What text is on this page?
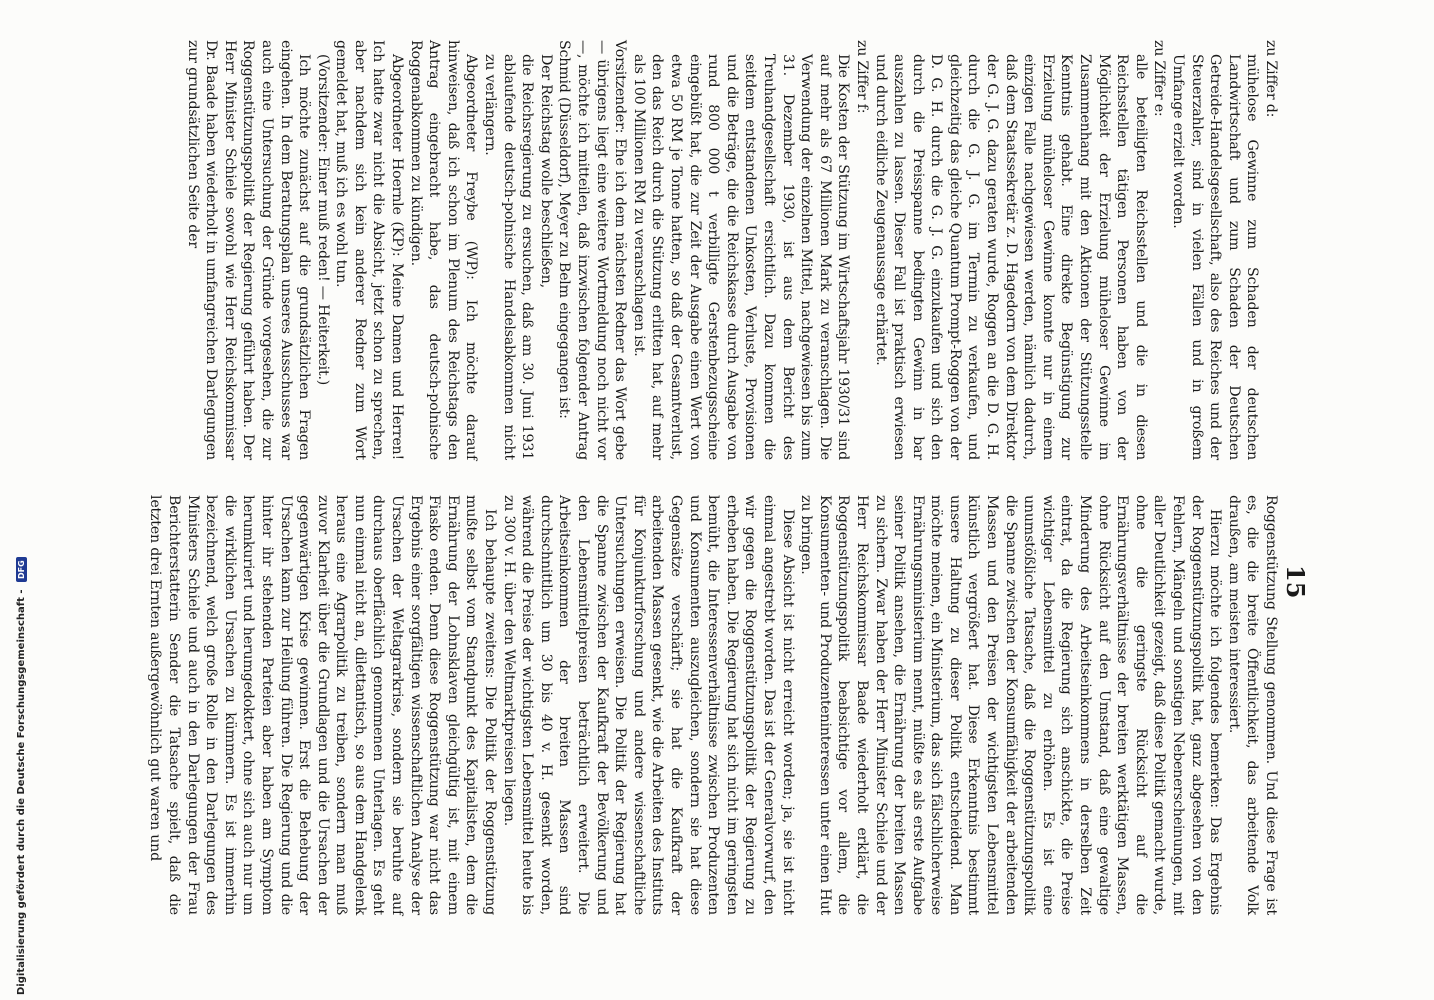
15

zu Ziffer d:

mühelose Gewinne zum Schaden der deutschen Landwirtschaft und zum Schaden der Deutschen Getreide-Handelsgesellschaft, also des Reiches und der Steuerzahler, sind in vielen Fällen und in großem Umfange erzielt worden.

zu Ziffer e:

alle beteiligten Reichsstellen und die in diesen Reichsstellen tätigen Personen haben von der Möglichkeit der Erzielung müheloser Gewinne im Zusammenhang mit den Aktionen der Stützungsstelle Kenntnis gehabt. Eine direkte Begünstigung zur Erzielung müheloser Gewinne konnte nur in einem einzigen Falle nachgewiesen werden, nämlich dadurch, daß dem Staatssekretär z. D. Hagedorn von dem Direktor der G. J. G. dazu geraten wurde, Roggen an die D. G. H. durch die G. J. G. im Termin zu verkaufen, und gleichzeitig das gleiche Quantum Prompt-Roggen von der D. G. H. durch die G. J. G. einzukaufen und sich den durch die Preisspanne bedingten Gewinn in bar auszahlen zu lassen. Dieser Fall ist praktisch erwiesen und durch eidliche Zeugenaussage erhärtet.

zu Ziffer f:

Die Kosten der Stützung im Wirtschaftsjahr 1930/31 sind auf mehr als 67 Millionen Mark zu veranschlagen. Die Verwendung der einzelnen Mittel, nachgewiesen bis zum 31. Dezember 1930, ist aus dem Bericht des Treuhandgesellschaft ersichtlich. Dazu kommen die seitdem entstandenen Unkosten, Verluste, Provisionen und die Beträge, die die Reichskasse durch Ausgabe von rund 800 000 t verbilligte Gerstenbezugsscheine eingebüßt hat, die zur Zeit der Ausgabe einen Wert von etwa 50 RM je Tonne hatten, so daß der Gesamtverlust, den das Reich durch die Stützung erlitten hat, auf mehr als 100 Millionen RM zu veranschlagen ist.

Vorsitzender: Ehe ich dem nächsten Redner das Wort gebe — übrigens liegt eine weitere Wortmeldung noch nicht vor —, möchte ich mitteilen, daß inzwischen folgender Antrag Schmid (Düsseldorf), Meyer zu Belm eingegangen ist:

Der Reichstag wolle beschließen,

die Reichsregierung zu ersuchen, daß am 30. Juni 1931 ablaufende deutsch-polnische Handelsabkommen nicht zu verlängern.

Abgeordneter Freybe (WP): Ich möchte darauf hinweisen, daß ich schon im Plenum des Reichstags den Antrag eingebracht habe, das deutsch-polnische Roggenabkommen zu kündigen.

Abgeordneter Hoernle (KP): Meine Damen und Herren! Ich hatte zwar nicht die Absicht, jetzt schon zu sprechen, aber nachdem sich kein anderer Redner zum Wort gemeldet hat, muß ich es wohl tun.

(Vorsitzender: Einer muß reden! — Heiterkeit.)

Ich möchte zunächst auf die grundsätzlichen Fragen eingehen. In dem Beratungsplan unseres Ausschusses war auch eine Untersuchung der Gründe vorgesehen, die zur Roggenstützungspolitik der Regierung geführt haben. Der Herr Minister Schiele sowohl wie Herr Reichskommissar Dr. Baade haben wiederholt in umfangreichen Darlegungen zur grundsätzlichen Seite der

Roggenstützung Stellung genommen. Und diese Frage ist es, die die breite Öffentlichkeit, das arbeitende Volk draußen, am meisten interessiert.

Hierzu möchte ich folgendes bemerken: Das Ergebnis der Roggenstützungspolitik hat, ganz abgesehen von den Fehlern, Mängeln und sonstigen Nebenerscheinungen, mit aller Deutlichkeit gezeigt, daß diese Politik gemacht wurde, ohne die geringste Rücksicht auf die Ernährungsverhältnisse der breiten werktätigen Massen, ohne Rücksicht auf den Umstand, daß eine gewaltige Minderung des Arbeitseinkommens in derselben Zeit eintrat, da die Regierung sich anschickte, die Preise wichtiger Lebensmittel zu erhöhen. Es ist eine unumstößliche Tatsache, daß die Roggenstützungspolitik die Spanne zwischen der Konsumfähigkeit der arbeitenden Massen und den Preisen der wichtigsten Lebensmittel künstlich vergrößert hat. Diese Erkenntnis bestimmt unsere Haltung zu dieser Politik entscheidend. Man möchte meinen, ein Ministerium, das sich fälschlicherweise Ernährungsministerium nennt, müßte es als erste Aufgabe seiner Politik ansehen, die Ernährung der breiten Massen zu sichern. Zwar haben der Herr Minister Schiele und der Herr Reichskommissar Baade wiederholt erklärt, die Roggenstützungspolitik beabsichtige vor allem, die Konsumenten- und Produzenteninteressen unter einen Hut zu bringen.

Diese Absicht ist nicht erreicht worden; ja, sie ist nicht einmal angestrebt worden. Das ist der Generalvorwurf, den wir gegen die Roggenstützungspolitik der Regierung zu erheben haben. Die Regierung hat sich nicht im geringsten bemüht, die Interessenverhältnisse zwischen Produzenten und Konsumenten auszugleichen, sondern sie hat diese Gegensätze verschärft; sie hat die Kaufkraft der arbeitenden Massen gesenkt, wie die Arbeiten des Instituts für Konjunkturforschung und andere wissenschaftliche Untersuchungen erweisen. Die Politik der Regierung hat die Spanne zwischen der Kaufkraft der Bevölkerung und den Lebensmittelpreisen beträchtlich erweitert. Die Arbeitseinkommen der breiten Massen sind durchschnittlich um 30 bis 40 v. H. gesenkt worden, während die Preise der wichtigsten Lebensmittel heute bis zu 300 v. H. über den Weltmarktpreisen liegen.

Ich behaupte zweitens: Die Politik der Roggenstützung mußte selbst vom Standpunkt des Kapitalisten, dem die Ernährung der Lohnsklaven gleichgültig ist, mit einem Fiasko enden. Denn diese Roggenstützung war nicht das Ergebnis einer sorgfältigen wissenschaftlichen Analyse der Ursachen der Weltagrarkrise, sondern sie beruhte auf durchaus oberflächlich genommenen Unterlagen. Es geht nun einmal nicht an, dilettantisch, so aus dem Handgelenk heraus eine Agrarpolitik zu treiben, sondern man muß zuvor Klarheit über die Grundlagen und die Ursachen der gegenwärtigen Krise gewinnen. Erst die Behebung der Ursachen kann zur Heilung führen. Die Regierung und die hinter ihr stehenden Parteien aber haben am Symptom herumkuriert und herumgedoktert, ohne sich auch nur um die wirklichen Ursachen zu kümmern. Es ist immerhin bezeichnend, welch große Rolle in den Darlegungen des Ministers Schiele und auch in den Darlegungen der Frau Berichterstatterin Sender die Tatsache spielt, daß die letzten drei Ernten außergewöhnlich gut waren und

Digitalisierung gefördert durch die Deutsche Forschungsgemeinschaft - DFG
